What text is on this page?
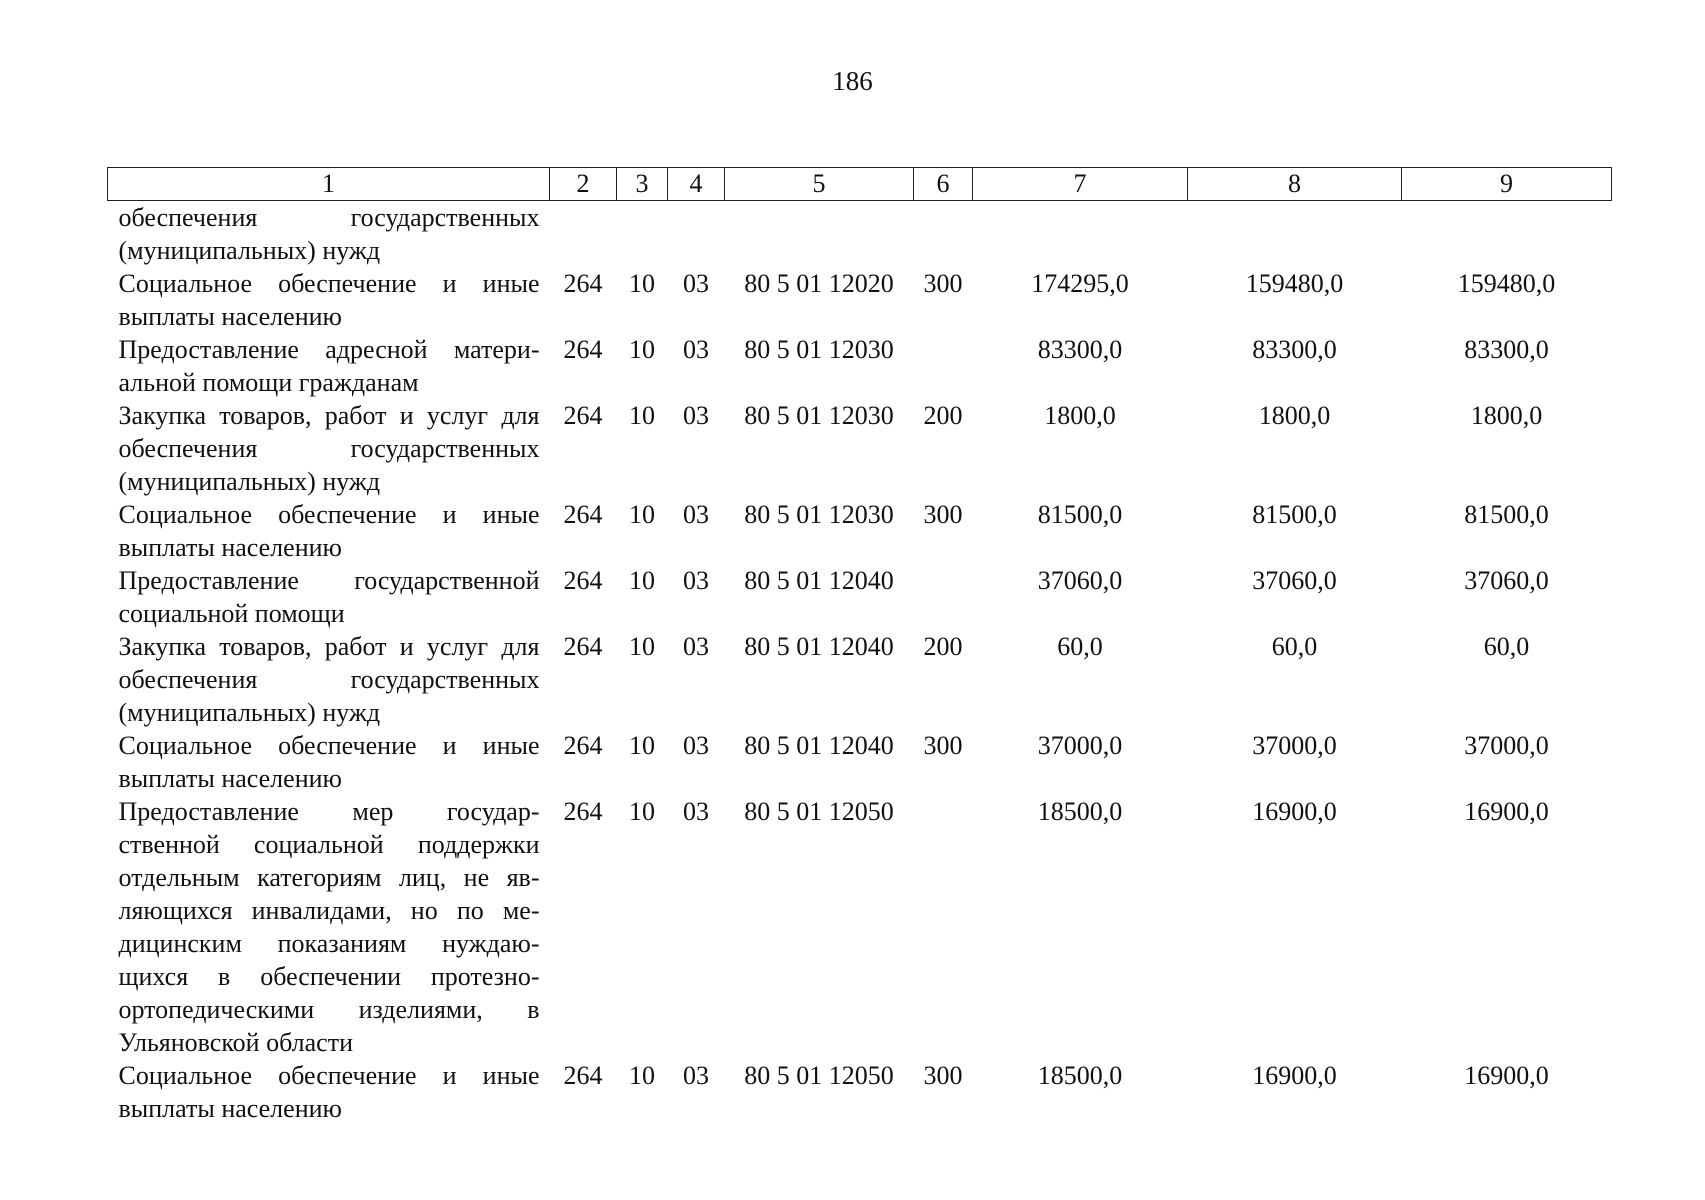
186
1	2	3	4	5	6	7	8	9
обеспечения государственных (муниципальных) нужд								
Социальное обеспечение и иные выплаты населению	264	10	03	80 5 01 12020	300	174295,0	159480,0	159480,0
Предоставление адресной матери-альной помощи гражданам	264	10	03	80 5 01 12030		83300,0	83300,0	83300,0
Закупка товаров, работ и услуг для обеспечения государственных (муниципальных) нужд	264	10	03	80 5 01 12030	200	1800,0	1800,0	1800,0
Социальное обеспечение и иные выплаты населению	264	10	03	80 5 01 12030	300	81500,0	81500,0	81500,0
Предоставление государственной социальной помощи	264	10	03	80 5 01 12040		37060,0	37060,0	37060,0
Закупка товаров, работ и услуг для обеспечения государственных (муниципальных) нужд	264	10	03	80 5 01 12040	200	60,0	60,0	60,0
Социальное обеспечение и иные выплаты населению	264	10	03	80 5 01 12040	300	37000,0	37000,0	37000,0
Предоставление мер государ-ственной социальной поддержки отдельным категориям лиц, не яв-ляющихся инвалидами, но по ме-дицинским показаниям нуждаю-щихся в обеспечении протезно-ортопедическими изделиями, в Ульяновской области	264	10	03	80 5 01 12050		18500,0	16900,0	16900,0
Социальное обеспечение и иные выплаты населению	264	10	03	80 5 01 12050	300	18500,0	16900,0	16900,0
